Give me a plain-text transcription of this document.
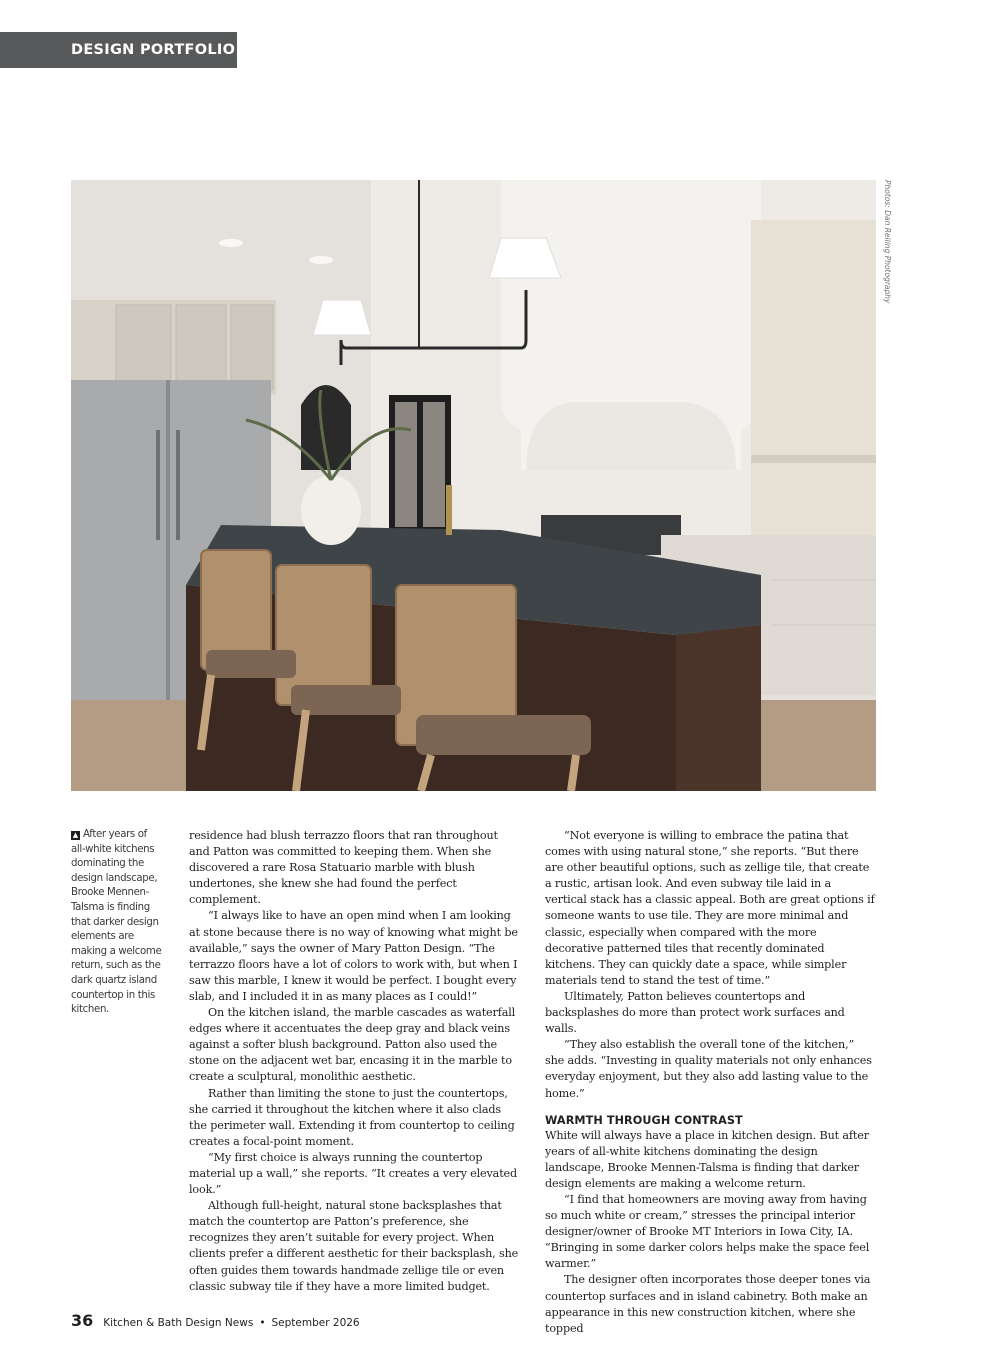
DESIGN PORTFOLIO
Photos: Dan Reiling Photography
▲ After years of all-white kitchens dominating the design landscape, Brooke Mennen-Talsma is finding that darker design elements are making a welcome return, such as the dark quartz island countertop in this kitchen.

residence had blush terrazzo floors that ran throughout and Patton was committed to keeping them. When she discovered a rare Rosa Statuario marble with blush undertones, she knew she had found the perfect complement.

“I always like to have an open mind when I am looking at stone because there is no way of knowing what might be available,” says the owner of Mary Patton Design. “The terrazzo floors have a lot of colors to work with, but when I saw this marble, I knew it would be perfect. I bought every slab, and I included it in as many places as I could!”

On the kitchen island, the marble cascades as waterfall edges where it accentuates the deep gray and black veins against a softer blush background. Patton also used the stone on the adjacent wet bar, encasing it in the marble to create a sculptural, monolithic aesthetic.

Rather than limiting the stone to just the countertops, she carried it throughout the kitchen where it also clads the perimeter wall. Extending it from countertop to ceiling creates a focal-point moment.

“My first choice is always running the countertop material up a wall,” she reports. “It creates a very elevated look.”

Although full-height, natural stone backsplashes that match the countertop are Patton’s preference, she recognizes they aren’t suitable for every project. When clients prefer a different aesthetic for their backsplash, she often guides them towards handmade zellige tile or even classic subway tile if they have a more limited budget.

“Not everyone is willing to embrace the patina that comes with using natural stone,” she reports. “But there are other beautiful options, such as zellige tile, that create a rustic, artisan look. And even subway tile laid in a vertical stack has a classic appeal. Both are great options if someone wants to use tile. They are more minimal and classic, especially when compared with the more decorative patterned tiles that recently dominated kitchens. They can quickly date a space, while simpler materials tend to stand the test of time.”

Ultimately, Patton believes countertops and backsplashes do more than protect work surfaces and walls.

“They also establish the overall tone of the kitchen,” she adds. “Investing in quality materials not only enhances everyday enjoyment, but they also add lasting value to the home.”

WARMTH THROUGH CONTRAST

White will always have a place in kitchen design. But after years of all-white kitchens dominating the design landscape, Brooke Mennen-Talsma is finding that darker design elements are making a welcome return.

“I find that homeowners are moving away from having so much white or cream,” stresses the principal interior designer/owner of Brooke MT Interiors in Iowa City, IA. “Bringing in some darker colors helps make the space feel warmer.”

The designer often incorporates those deeper tones via countertop surfaces and in island cabinetry. Both make an appearance in this new construction kitchen, where she topped

36 Kitchen & Bath Design News • September 2026
